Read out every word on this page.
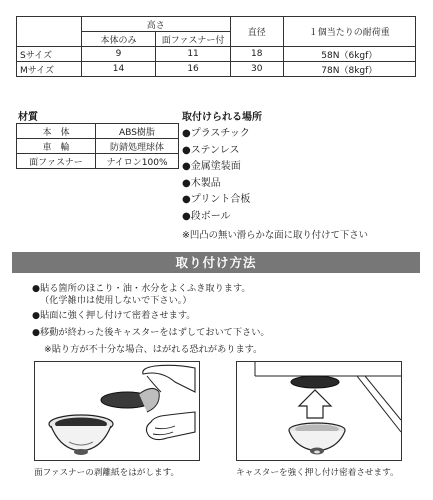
	高さ		直径	１個当たりの耐荷重
	本体のみ	面ファスナー付		
Sサイズ	9	11	18	58N（6kgf）
Mサイズ	14	16	30	78N（8kgf）
材質
本　体	ABS樹脂
車　輪	防錆処理球体
面ファスナー	ナイロン100%
取付けられる場所
●プラスチック
●ステンレス
●金属塗装面
●木製品
●プリント合板
●段ボール
※凹凸の無い滑らかな面に取り付けて下さい
取り付け方法
●貼る箇所のほこり・油・水分をよくふき取ります。
（化学雑巾は使用しないで下さい。）
●貼面に強く押し付けて密着させます。
●移動が終わった後キャスターをはずしておいて下さい。
※貼り方が不十分な場合、はがれる恐れがあります。
面ファスナーの剥離紙をはがします。	キャスターを強く押し付け密着させます。
